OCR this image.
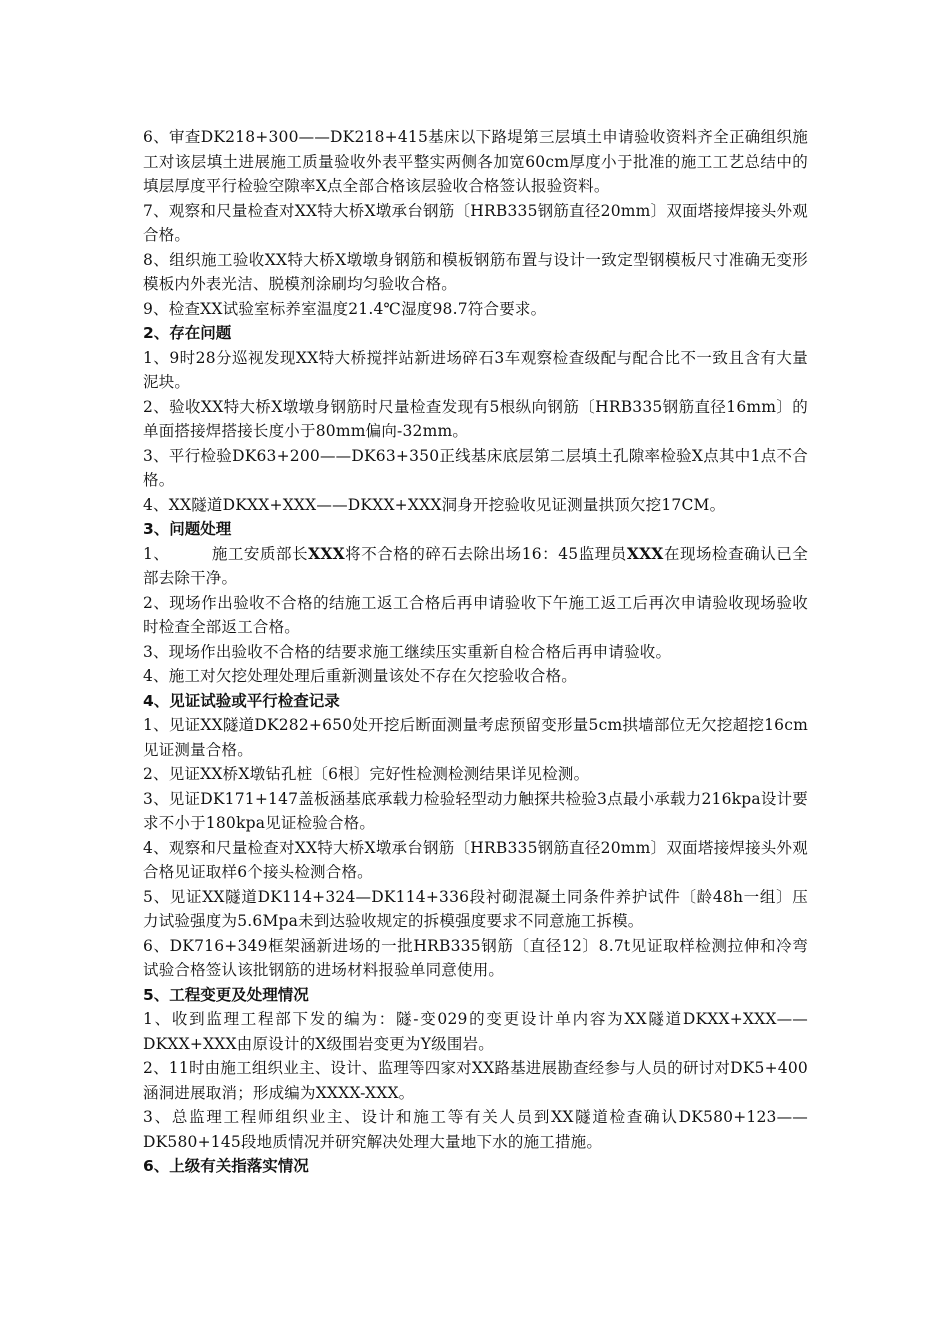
6、审查DK218+300——DK218+415基床以下路堤第三层填土申请验收资料齐全正确组织施工对该层填土进展施工质量验收外表平整实两侧各加宽60cm厚度小于批准的施工工艺总结中的填层厚度平行检验空隙率X点全部合格该层验收合格签认报验资料。

7、观察和尺量检查对XX特大桥X墩承台钢筋〔HRB335钢筋直径20mm〕双面塔接焊接头外观合格。

8、组织施工验收XX特大桥X墩墩身钢筋和模板钢筋布置与设计一致定型钢模板尺寸准确无变形模板内外表光洁、脱模剂涂刷均匀验收合格。

9、检查XX试验室标养室温度21.4℃湿度98.7符合要求。

2、存在问题

1、9时28分巡视发现XX特大桥搅拌站新进场碎石3车观察检查级配与配合比不一致且含有大量泥块。

2、验收XX特大桥X墩墩身钢筋时尺量检查发现有5根纵向钢筋〔HRB335钢筋直径16mm〕的单面搭接焊搭接长度小于80mm偏向-32mm。

3、平行检验DK63+200——DK63+350正线基床底层第二层填土孔隙率检验X点其中1点不合格。

4、XX隧道DKXX+XXX——DKXX+XXX洞身开挖验收见证测量拱顶欠挖17CM。

3、问题处理

1、	施工安质部长XXX将不合格的碎石去除出场16：45监理员XXX在现场检查确认已全部去除干净。

2、现场作出验收不合格的结施工返工合格后再申请验收下午施工返工后再次申请验收现场验收时检查全部返工合格。

3、现场作出验收不合格的结要求施工继续压实重新自检合格后再申请验收。

4、施工对欠挖处理处理后重新测量该处不存在欠挖验收合格。

4、见证试验或平行检查记录

1、见证XX隧道DK282+650处开挖后断面测量考虑预留变形量5cm拱墙部位无欠挖超挖16cm见证测量合格。

2、见证XX桥X墩钻孔桩〔6根〕完好性检测检测结果详见检测。

3、见证DK171+147盖板涵基底承载力检验轻型动力触探共检验3点最小承载力216kpa设计要求不小于180kpa见证检验合格。

4、观察和尺量检查对XX特大桥X墩承台钢筋〔HRB335钢筋直径20mm〕双面塔接焊接头外观合格见证取样6个接头检测合格。

5、见证XX隧道DK114+324—DK114+336段衬砌混凝土同条件养护试件〔龄48h一组〕压力试验强度为5.6Mpa未到达验收规定的拆模强度要求不同意施工拆模。

6、DK716+349框架涵新进场的一批HRB335钢筋〔直径12〕8.7t见证取样检测拉伸和冷弯试验合格签认该批钢筋的进场材料报验单同意使用。

5、工程变更及处理情况

1、收到监理工程部下发的编为：隧-变029的变更设计单内容为XX隧道DKXX+XXX——DKXX+XXX由原设计的X级围岩变更为Y级围岩。

2、11时由施工组织业主、设计、监理等四家对XX路基进展勘查经参与人员的研讨对DK5+400 涵洞进展取消；形成编为XXXX-XXX。

3、总监理工程师组织业主、设计和施工等有关人员到XX隧道检查确认DK580+123——DK580+145段地质情况并研究解决处理大量地下水的施工措施。

6、上级有关指落实情况
